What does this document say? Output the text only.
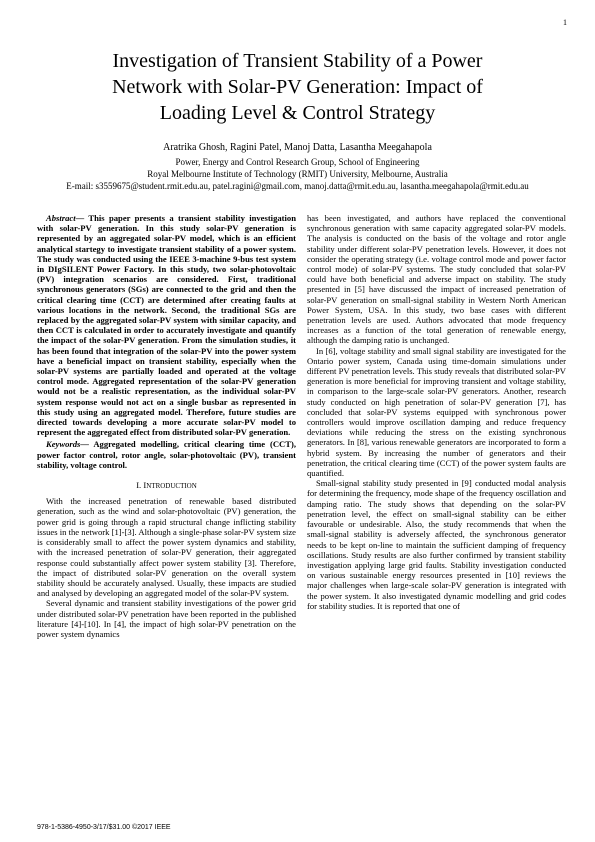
1
Investigation of Transient Stability of a Power
Network with Solar-PV Generation: Impact of
Loading Level & Control Strategy
Aratrika Ghosh, Ragini Patel, Manoj Datta, Lasantha Meegahapola
Power, Energy and Control Research Group, School of Engineering
Royal Melbourne Institute of Technology (RMIT) University, Melbourne, Australia
E-mail: s3559675@student.rmit.edu.au, patel.ragini@gmail.com, manoj.datta@rmit.edu.au, lasantha.meegahapola@rmit.edu.au

Abstract— This paper presents a transient stability investigation with solar-PV generation. In this study solar-PV generation is represented by an aggregated solar-PV model, which is an efficient analytical startegy to investigate transient stability of a power system. The study was conducted using the IEEE 3-machine 9-bus test system in DIgSILENT Power Factory. In this study, two solar-photovoltaic (PV) integration scenarios are considered. First, traditional synchronous generators (SGs) are connected to the grid and then the critical clearing time (CCT) are determined after creating faults at various locations in the network. Second, the traditional SGs are replaced by the aggregated solar-PV system with similar capacity, and then CCT is calculated in order to accurately investigate and quantify the impact of the solar-PV generation. From the simulation studies, it has been found that integration of the solar-PV into the power system have a beneficial impact on transient stability, especially when the solar-PV systems are partially loaded and operated at the voltage control mode. Aggregated representation of the solar-PV generation would not be a realistic representation, as the individual solar-PV system response would not act on a single busbar as represented in this study using an aggregated model. Therefore, future studies are directed towards developing a more accurate solar-PV model to represent the aggregated effect from distributed solar-PV generation.

Keywords— Aggregated modelling, critical clearing time (CCT), power factor control, rotor angle, solar-photovoltaic (PV), transient stability, voltage control.

I. INTRODUCTION

With the increased penetration of renewable based distributed generation, such as the wind and solar-photovoltaic (PV) generation, the power grid is going through a rapid structural change inflicting stability issues in the network [1]-[3]. Although a single-phase solar-PV system size is considerably small to affect the power system dynamics and stability, with the increased penetration of solar-PV generation, their aggregated response could substantially affect power system stability [3]. Therefore, the impact of distributed solar-PV generation on the overall system stability should be accurately analysed. Usually, these impacts are studied and analysed by developing an aggregated model of the solar-PV system.

Several dynamic and transient stability investigations of the power grid under distributed solar-PV penetration have been reported in the published literature [4]-[10]. In [4], the impact of high solar-PV penetration on the power system dynamics

has been investigated, and authors have replaced the conventional synchronous generation with same capacity aggregated solar-PV models. The analysis is conducted on the basis of the voltage and rotor angle stability under different solar-PV penetration levels. However, it does not consider the operating strategy (i.e. voltage control mode and power factor control mode) of solar-PV systems. The study concluded that solar-PV could have both beneficial and adverse impact on stability. The study presented in [5] have discussed the impact of increased penetration of solar-PV generation on small-signal stability in Western North American Power System, USA. In this study, two base cases with different penetration levels are used. Authors advocated that mode frequency increases as a function of the total generation of renewable energy, although the damping ratio is unchanged.

In [6], voltage stability and small signal stability are investigated for the Ontario power system, Canada using time-domain simulations under different PV penetration levels. This study reveals that distributed solar-PV generation is more beneficial for improving transient and voltage stability, in comparison to the large-scale solar-PV generators. Another, research study conducted on high penetration of solar-PV generation [7], has concluded that solar-PV systems equipped with synchronous power controllers would improve oscillation damping and reduce frequency deviations while reducing the stress on the existing synchronous generators. In [8], various renewable generators are incorporated to form a hybrid system. By increasing the number of generators and their penetration, the critical clearing time (CCT) of the power system faults are quantified.

Small-signal stability study presented in [9] conducted modal analysis for determining the frequency, mode shape of the frequency oscillation and damping ratio. The study shows that depending on the solar-PV penetration level, the effect on small-signal stability can be either favourable or undesirable. Also, the study recommends that when the small-signal stability is adversely affected, the synchronous generator needs to be kept on-line to maintain the sufficient damping of frequency oscillations. Study results are also further confirmed by transient stability investigation applying large grid faults. Stability investigation conducted on various sustainable energy resources presented in [10] reviews the major challenges when large-scale solar-PV generation is integrated with the power system. It also investigated dynamic modelling and grid codes for stability studies. It is reported that one of

978-1-5386-4950-3/17/$31.00 ©2017 IEEE
